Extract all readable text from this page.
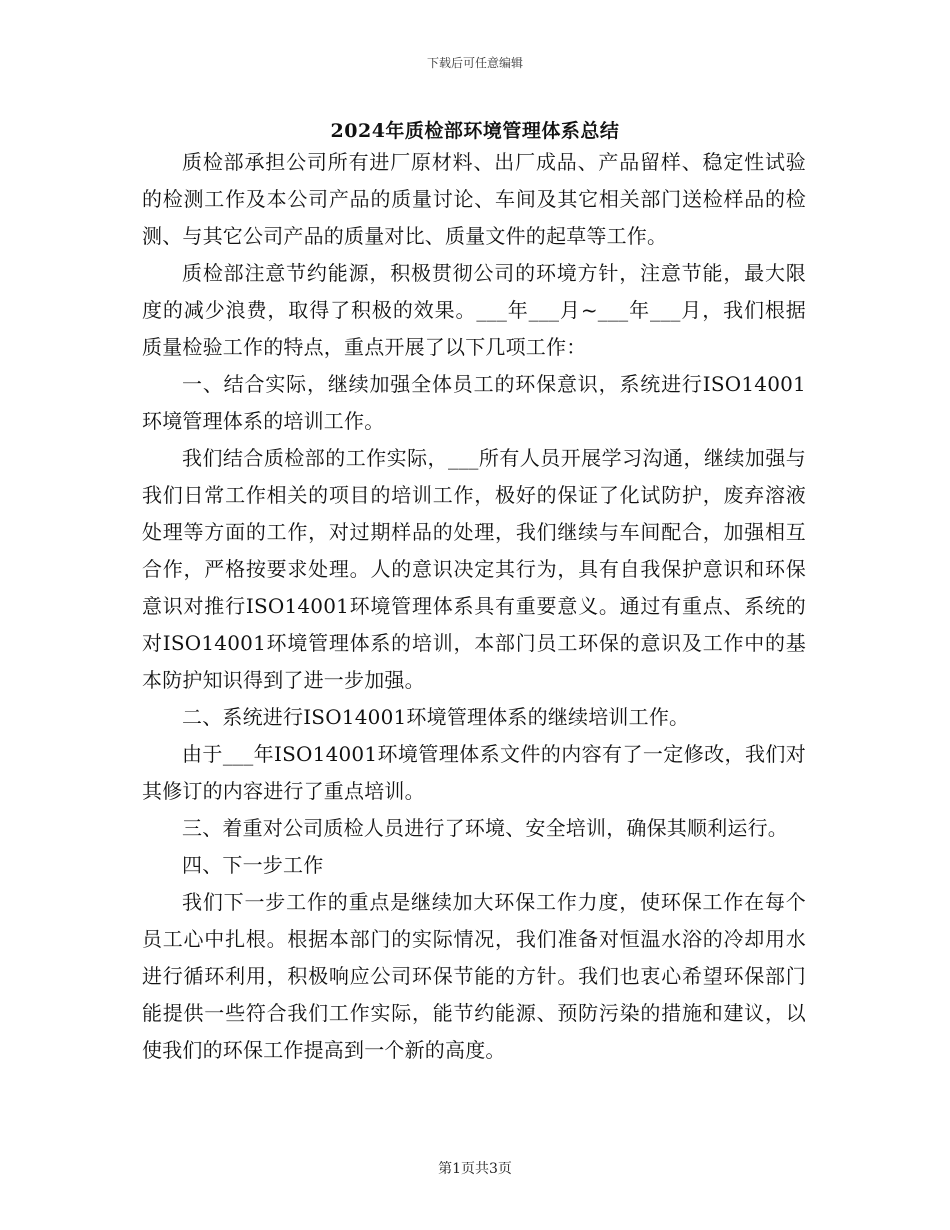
下载后可任意编辑
2024年质检部环境管理体系总结

质检部承担公司所有进厂原材料、出厂成品、产品留样、稳定性试验的检测工作及本公司产品的质量讨论、车间及其它相关部门送检样品的检测、与其它公司产品的质量对比、质量文件的起草等工作。

质检部注意节约能源，积极贯彻公司的环境方针，注意节能，最大限度的减少浪费，取得了积极的效果。___年___月~___年___月，我们根据质量检验工作的特点，重点开展了以下几项工作：

一、结合实际，继续加强全体员工的环保意识，系统进行ISO14001环境管理体系的培训工作。

我们结合质检部的工作实际，___所有人员开展学习沟通，继续加强与我们日常工作相关的项目的培训工作，极好的保证了化试防护，废弃溶液处理等方面的工作，对过期样品的处理，我们继续与车间配合，加强相互合作，严格按要求处理。人的意识决定其行为，具有自我保护意识和环保意识对推行ISO14001环境管理体系具有重要意义。通过有重点、系统的对ISO14001环境管理体系的培训，本部门员工环保的意识及工作中的基本防护知识得到了进一步加强。

二、系统进行ISO14001环境管理体系的继续培训工作。

由于___年ISO14001环境管理体系文件的内容有了一定修改，我们对其修订的内容进行了重点培训。

三、着重对公司质检人员进行了环境、安全培训，确保其顺利运行。

四、下一步工作

我们下一步工作的重点是继续加大环保工作力度，使环保工作在每个员工心中扎根。根据本部门的实际情况，我们准备对恒温水浴的冷却用水进行循环利用，积极响应公司环保节能的方针。我们也衷心希望环保部门能提供一些符合我们工作实际，能节约能源、预防污染的措施和建议，以使我们的环保工作提高到一个新的高度。

第1页共3页
